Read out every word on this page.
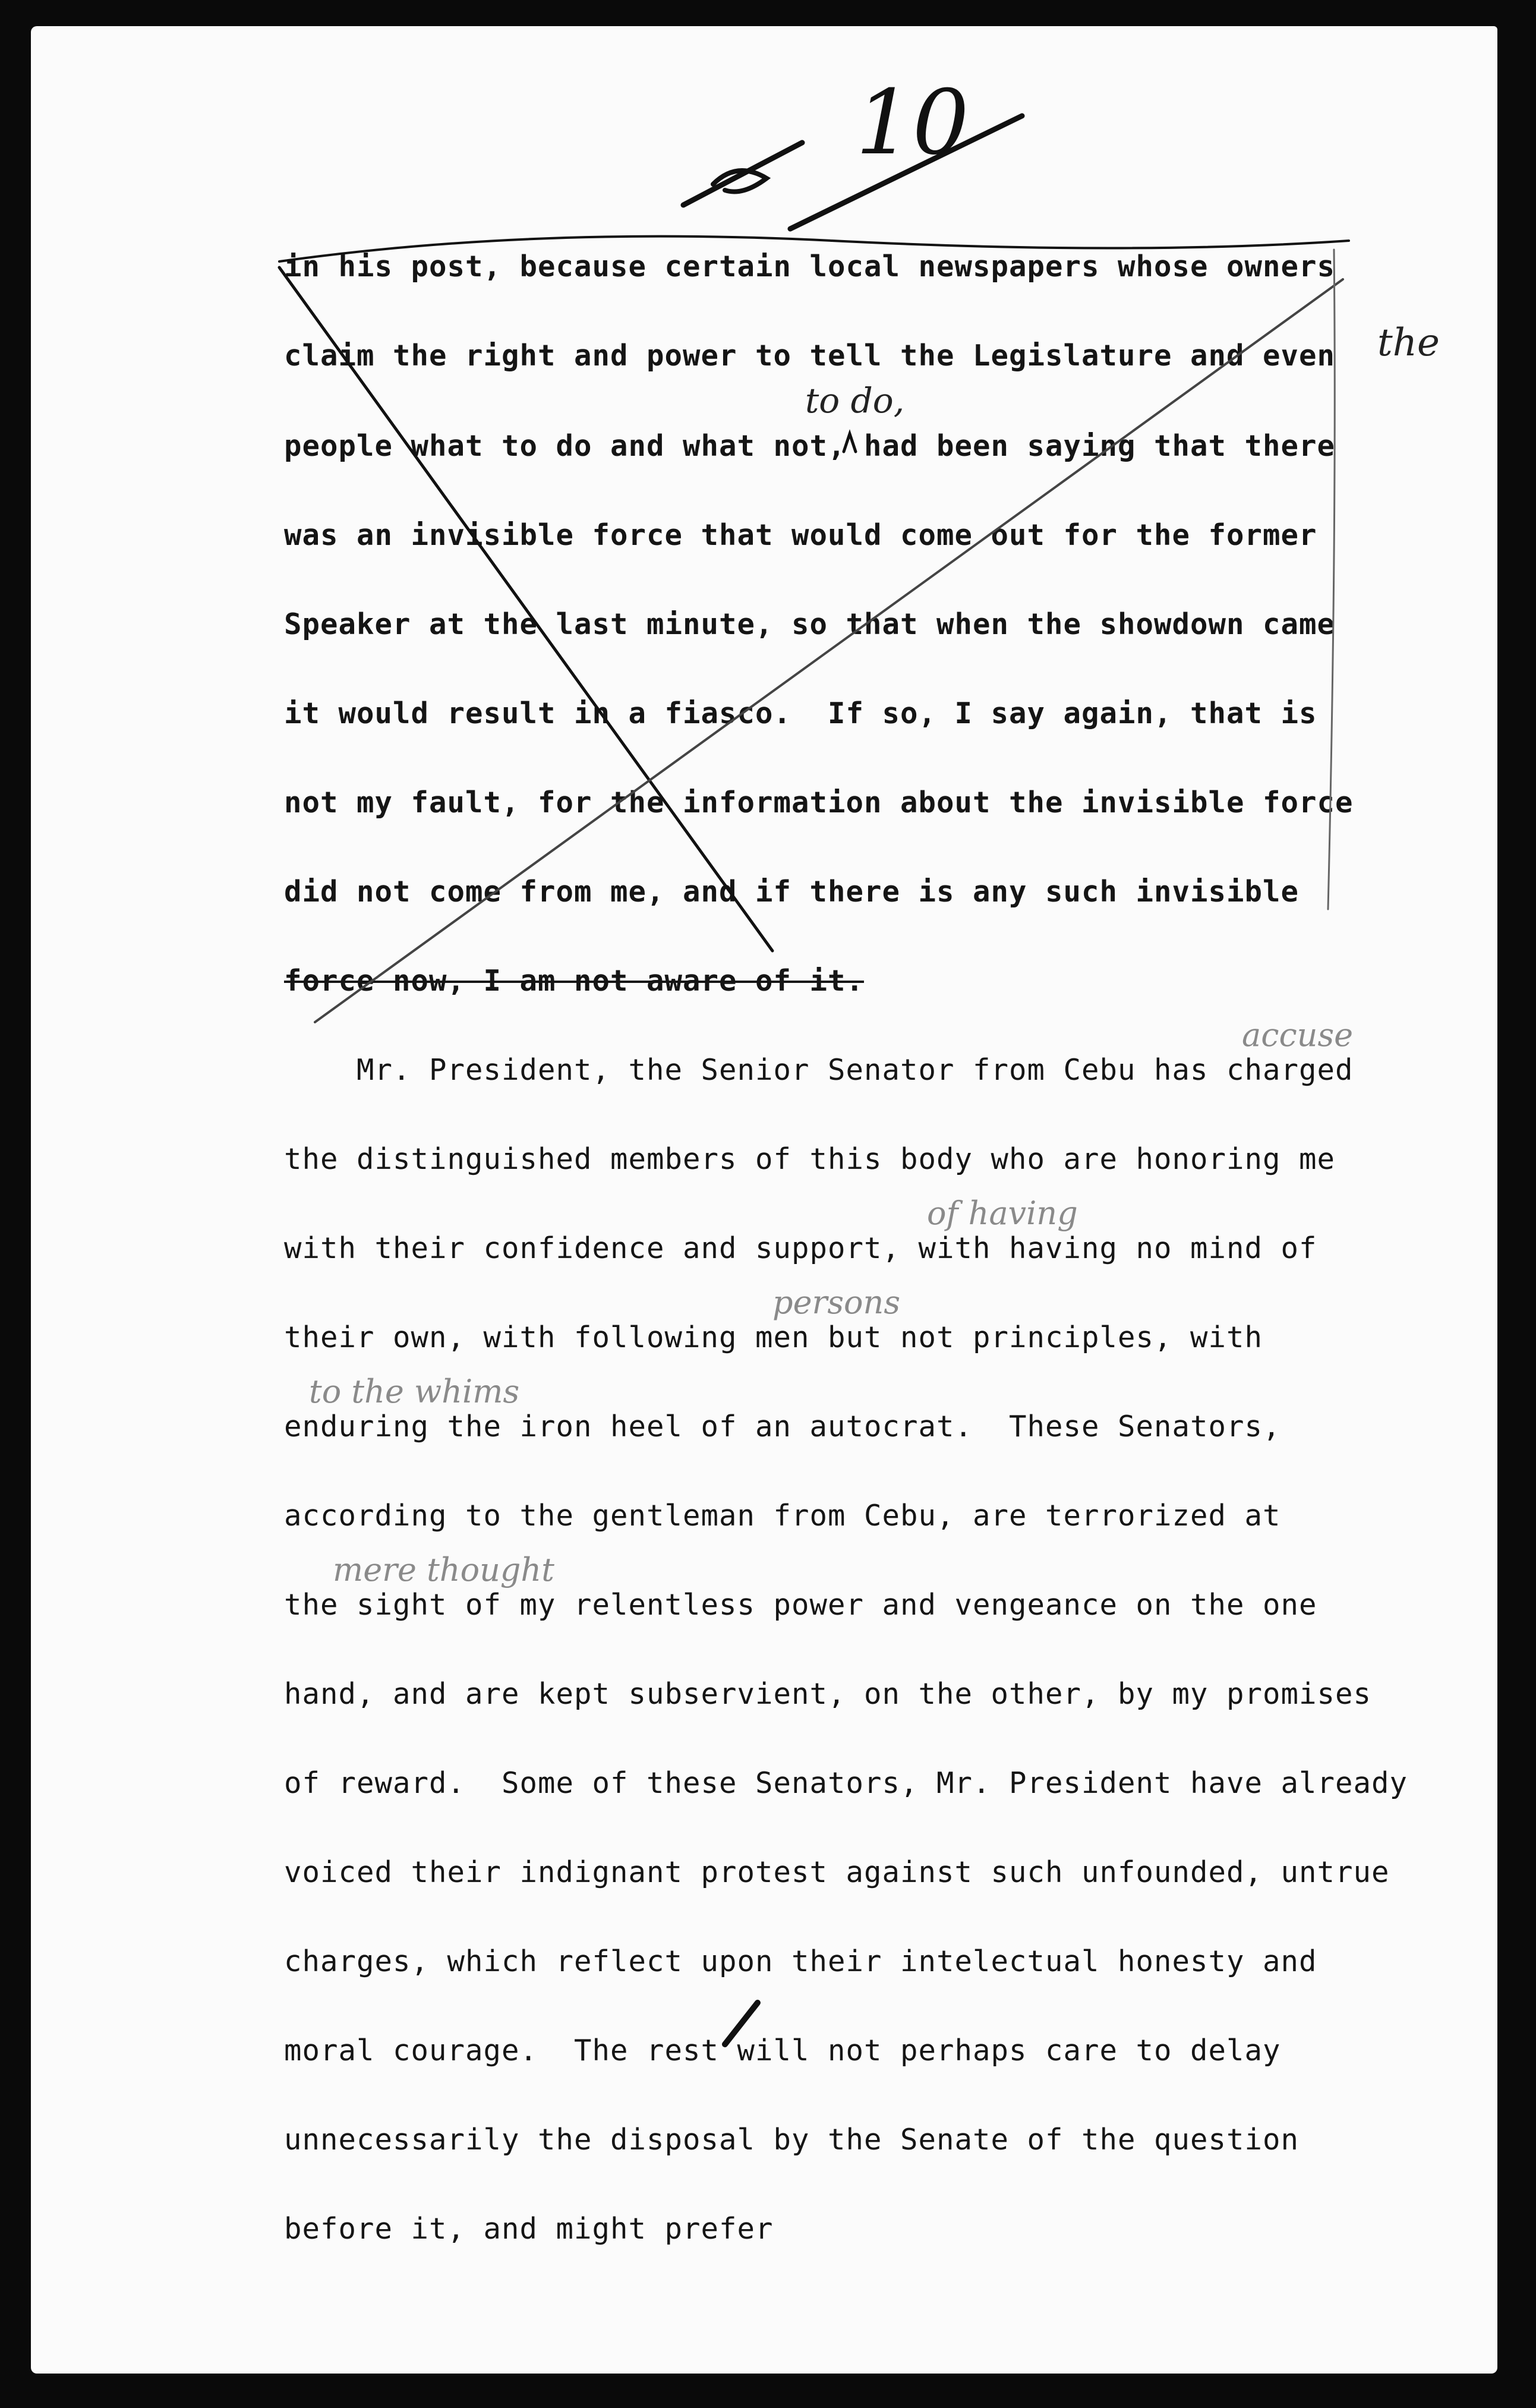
10
the
to do,
in his post, because certain local newspapers whose owners
claim the right and power to tell the Legislature and even
people what to do and what not, had been saying that there
was an invisible force that would come out for the former
Speaker at the last minute, so that when the showdown came
it would result in a fiasco.  If so, I say again, that is
not my fault, for the information about the invisible force
did not come from me, and if there is any such invisible
force now, I am not aware of it.
accuse
of having
persons
to the whims
mere thought
Mr. President, the Senior Senator from Cebu has charged
the distinguished members of this body who are honoring me
with their confidence and support, with having no mind of
their own, with following men but not principles, with
enduring the iron heel of an autocrat.  These Senators,
according to the gentleman from Cebu, are terrorized at
the sight of my relentless power and vengeance on the one
hand, and are kept subservient, on the other, by my promises
of reward.  Some of these Senators, Mr. President have already
voiced their indignant protest against such unfounded, untrue
charges, which reflect upon their intelectual honesty and
moral courage.  The rest will not perhaps care to delay
unnecessarily the disposal by the Senate of the question
before it, and might prefer
